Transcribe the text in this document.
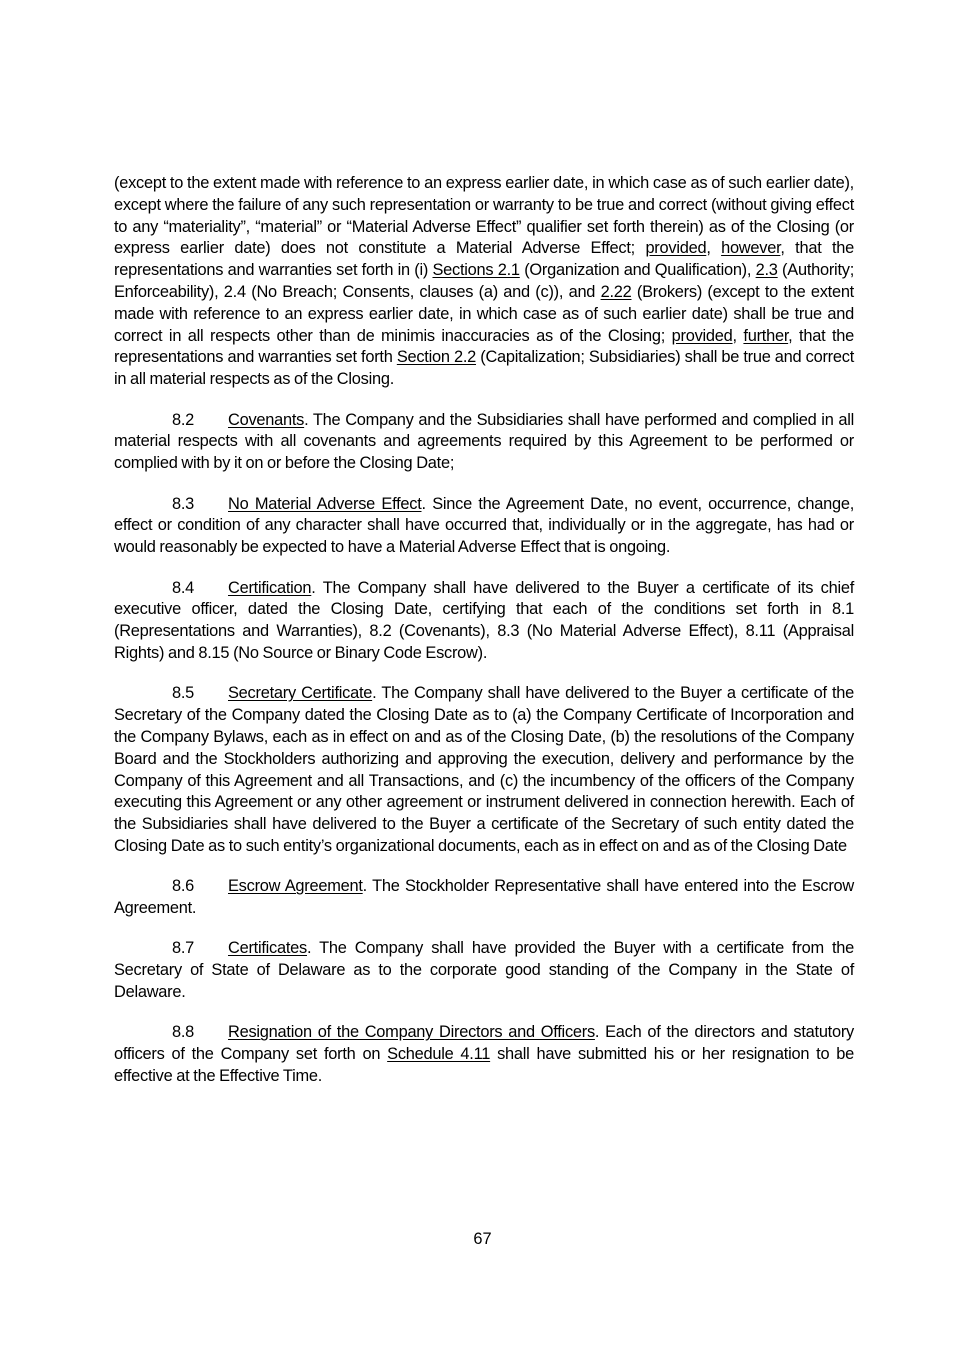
(except to the extent made with reference to an express earlier date, in which case as of such earlier date), except where the failure of any such representation or warranty to be true and correct (without giving effect to any “materiality”, “material” or “Material Adverse Effect” qualifier set forth therein) as of the Closing (or express earlier date) does not constitute a Material Adverse Effect; provided, however, that the representations and warranties set forth in (i) Sections 2.1 (Organization and Qualification), 2.3 (Authority; Enforceability), 2.4 (No Breach; Consents, clauses (a) and (c)), and 2.22 (Brokers) (except to the extent made with reference to an express earlier date, in which case as of such earlier date) shall be true and correct in all respects other than de minimis inaccuracies as of the Closing; provided, further, that the representations and warranties set forth Section 2.2 (Capitalization; Subsidiaries) shall be true and correct in all material respects as of the Closing.

8.2 Covenants. The Company and the Subsidiaries shall have performed and complied in all material respects with all covenants and agreements required by this Agreement to be performed or complied with by it on or before the Closing Date;

8.3 No Material Adverse Effect. Since the Agreement Date, no event, occurrence, change, effect or condition of any character shall have occurred that, individually or in the aggregate, has had or would reasonably be expected to have a Material Adverse Effect that is ongoing.

8.4 Certification. The Company shall have delivered to the Buyer a certificate of its chief executive officer, dated the Closing Date, certifying that each of the conditions set forth in 8.1 (Representations and Warranties), 8.2 (Covenants), 8.3 (No Material Adverse Effect), 8.11 (Appraisal Rights) and 8.15 (No Source or Binary Code Escrow).

8.5 Secretary Certificate. The Company shall have delivered to the Buyer a certificate of the Secretary of the Company dated the Closing Date as to (a) the Company Certificate of Incorporation and the Company Bylaws, each as in effect on and as of the Closing Date, (b) the resolutions of the Company Board and the Stockholders authorizing and approving the execution, delivery and performance by the Company of this Agreement and all Transactions, and (c) the incumbency of the officers of the Company executing this Agreement or any other agreement or instrument delivered in connection herewith. Each of the Subsidiaries shall have delivered to the Buyer a certificate of the Secretary of such entity dated the Closing Date as to such entity’s organizational documents, each as in effect on and as of the Closing Date

8.6 Escrow Agreement. The Stockholder Representative shall have entered into the Escrow Agreement.

8.7 Certificates. The Company shall have provided the Buyer with a certificate from the Secretary of State of Delaware as to the corporate good standing of the Company in the State of Delaware.

8.8 Resignation of the Company Directors and Officers. Each of the directors and statutory officers of the Company set forth on Schedule 4.11 shall have submitted his or her resignation to be effective at the Effective Time.

67
